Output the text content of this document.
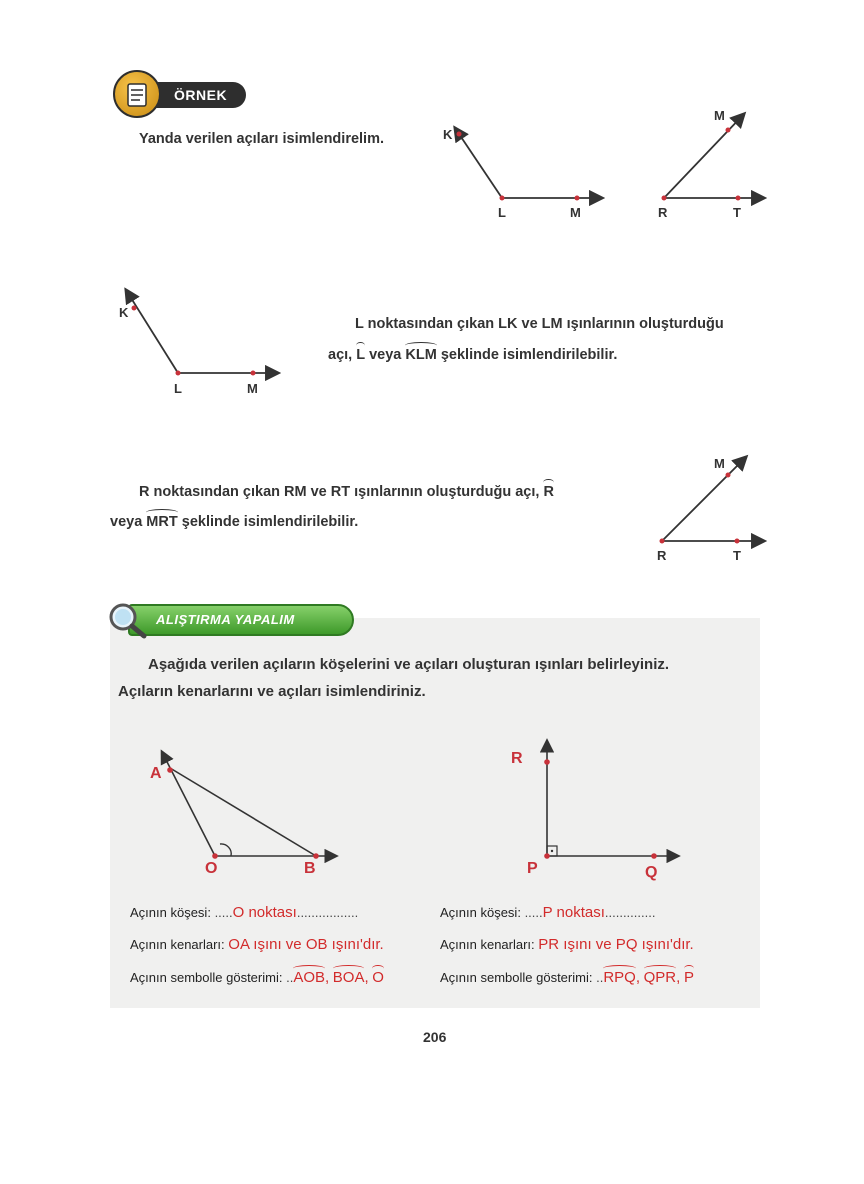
ÖRNEK
Yanda verilen açıları isimlendirelim.	K
L	M
M
R	T
K
L	M
L noktasından çıkan LK ve LM ışınlarının oluşturduğu
açı, L veya KLM şeklinde isimlendirilebilir.
R noktasından çıkan RM ve RT ışınlarının oluşturduğu açı, R
veya MRT şeklinde isimlendirilebilir.
M
R	T
ALIŞTIRMA YAPALIM
Aşağıda verilen açıların köşelerini ve açıları oluşturan ışınları belirleyiniz.
Açıların kenarlarını ve açıları isimlendiriniz.
A
O	B
R
P	Q
Açının köşesi: .....O noktası.................
Açının kenarları: OA ışını ve OB ışını'dır.
Açının sembolle gösterimi: ..AOB, BOA, O
Açının köşesi: .....P noktası..............
Açının kenarları: PR ışını ve PQ ışını'dır.
Açının sembolle gösterimi: ..RPQ, QPR, P
206
